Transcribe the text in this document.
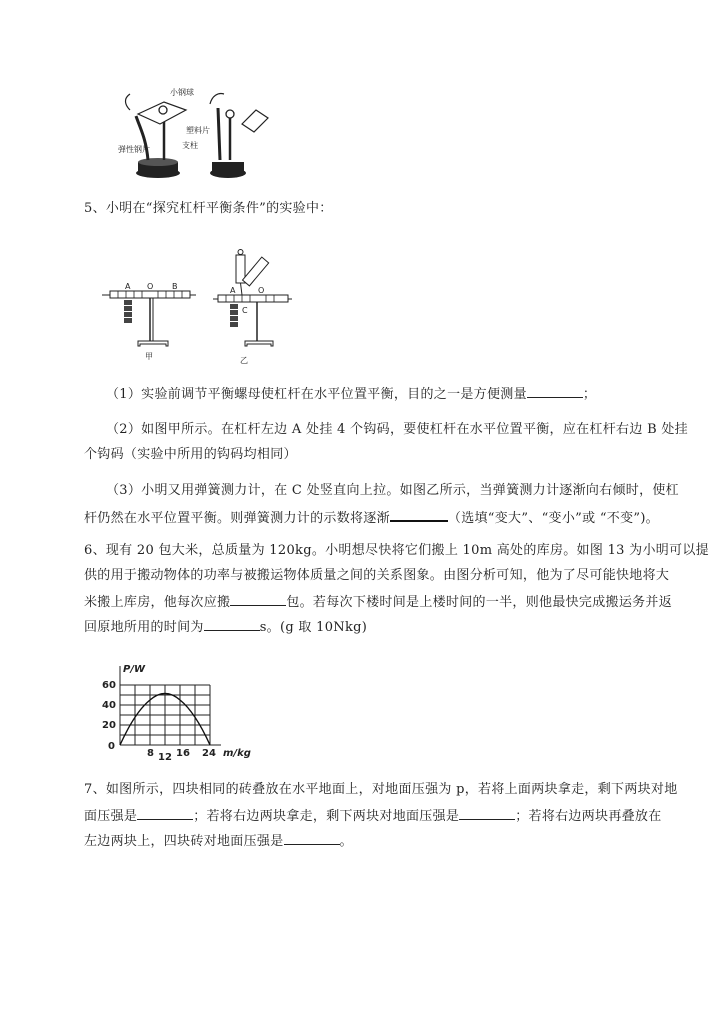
小钢球
塑料片
弹性钢片	支柱
5、小明在“探究杠杆平衡条件”的实验中：
A O B
甲
A	O
C
乙
（1）实验前调节平衡螺母使杠杆在水平位置平衡，目的之一是方便测量	；
（2）如图甲所示。在杠杆左边 A 处挂 4 个钩码，要使杠杆在水平位置平衡，应在杠杆右边 B 处挂
个钩码（实验中所用的钩码均相同）
（3）小明又用弹簧测力计，在 C 处竖直向上拉。如图乙所示，当弹簧测力计逐渐向右倾时，使杠
杆仍然在水平位置平衡。则弹簧测力计的示数将逐渐	（选填“变大”、“变小”或 “不变”)。
6、现有 20 包大米，总质量为 120kg。小明想尽快将它们搬上 10m 高处的库房。如图 13 为小明可以提
供的用于搬动物体的功率与被搬运物体质量之间的关系图象。由图分析可知，他为了尽可能快地将大
米搬上库房，他每次应搬	包。若每次下楼时间是上楼时间的一半，则他最快完成搬运务并返
回原地所用的时间为	s。(g 取 10Nkg)
P/W
60
40
20
0
8 12 16 24 m/kg
7、如图所示，四块相同的砖叠放在水平地面上，对地面压强为 p，若将上面两块拿走，剩下两块对地
面压强是	；若将右边两块拿走，剩下两块对地面压强是	；若将右边两块再叠放在
左边两块上，四块砖对地面压强是	。
